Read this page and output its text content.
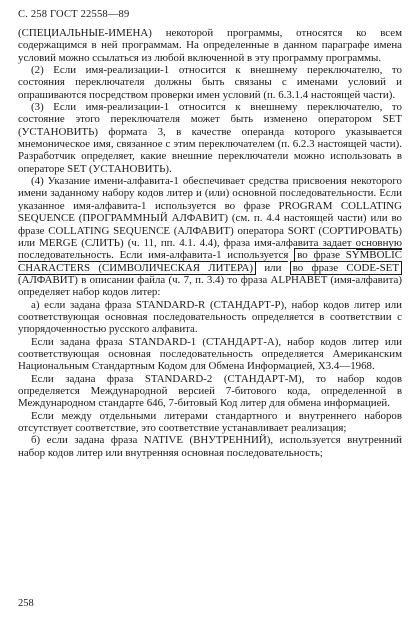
С. 258 ГОСТ 22558—89

(СПЕЦИАЛЬНЫЕ-ИМЕНА) некоторой программы, относятся ко всем содержащимся в ней программам. На определенные в данном параграфе имена условий можно ссылаться из любой включенной в эту программу программы.

(2) Если имя-реализации-1 относится к внешнему переключателю, то состояния переключателя должны быть связаны с именами условий и опрашиваются посредством проверки имен условий (п. 6.3.1.4 настоящей части).

(3) Если имя-реализации-1 относится к внешнему переключателю, то состояние этого переключателя может быть изменено оператором SET (УСТАНОВИТЬ) формата 3, в качестве операнда которого указывается мнемоническое имя, связанное с этим переключателем (п. 6.2.3 настоящей части). Разработчик определяет, какие внешние переключатели можно использовать в операторе SET (УСТАНОВИТЬ).

(4) Указание имени-алфавита-1 обеспечивает средства присвоения некоторого имени заданному набору кодов литер и (или) основной последовательности. Если указанное имя-алфавита-1 используется во фразе PROGRAM COLLATING SEQUENCE (ПРОГРАММНЫЙ АЛФАВИТ) (см. п. 4.4 настоящей части) или во фразе COLLATING SEQUENCE (АЛФАВИТ) оператора SORT (СОРТИРОВАТЬ) или MERGE (СЛИТЬ) (ч. 11, пп. 4.1. 4.4), фраза имя-алфавита задает основную последовательность. Если имя-алфавита-1 используется во фразе SYMBOLIC CHARACTERS (СИМВОЛИЧЕСКАЯ ЛИТЕРА) или во фразе CODE-SET (АЛФАВИТ) в описании файла (ч. 7, п. 3.4) то фраза ALPHABET (имя-алфавита) определяет набор кодов литер:

а) если задана фраза STANDARD-R (СТАНДАРТ-Р), набор кодов литер или соответствующая основная последовательность определяется в соответствии с упорядоченностью русского алфавита.

Если задана фраза STANDARD-1 (СТАНДАРТ-А), набор кодов литер или соответствующая основная последовательность определяется Американским Национальным Стандартным Кодом для Обмена Информацией, Х3.4—1968.

Если задана фраза STANDARD-2 (СТАНДАРТ-М), то набор кодов определяется Международной версией 7-битового кода, определенной в Международном стандарте 646, 7-битовый Код литер для обмена информацией.

Если между отдельными литерами стандартного и внутреннего наборов отсутствует соответствие, это соответствие устанавливает реализация;

б) если задана фраза NATIVE (ВНУТРЕННИЙ), используется внутренний набор кодов литер или внутренняя основная последовательность;

258
